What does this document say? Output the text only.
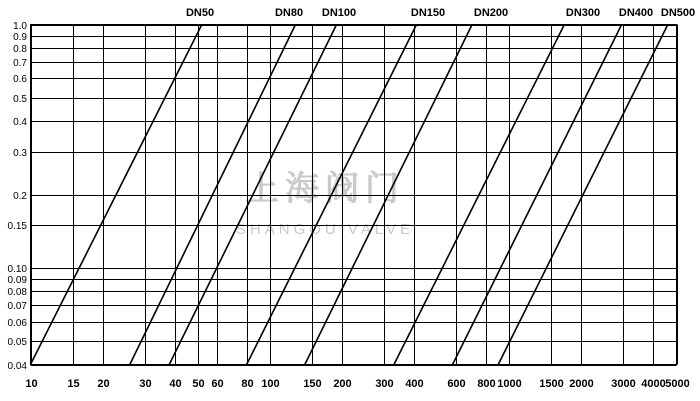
上海阀门
SHANGOU VALVE
0.04
0.05
0.06
0.07
0.08
0.09
0.10
0.15
0.2
0.3
0.4
0.5
0.6
0.7
0.8
0.9
1.0
10	15 20	30 40 50 60 80 100 150 200 300 400 600 800 1000 1500 2000 3000 4000 5000
DN50	DN80 DN100	DN150	DN200	DN300 DN400 DN500
